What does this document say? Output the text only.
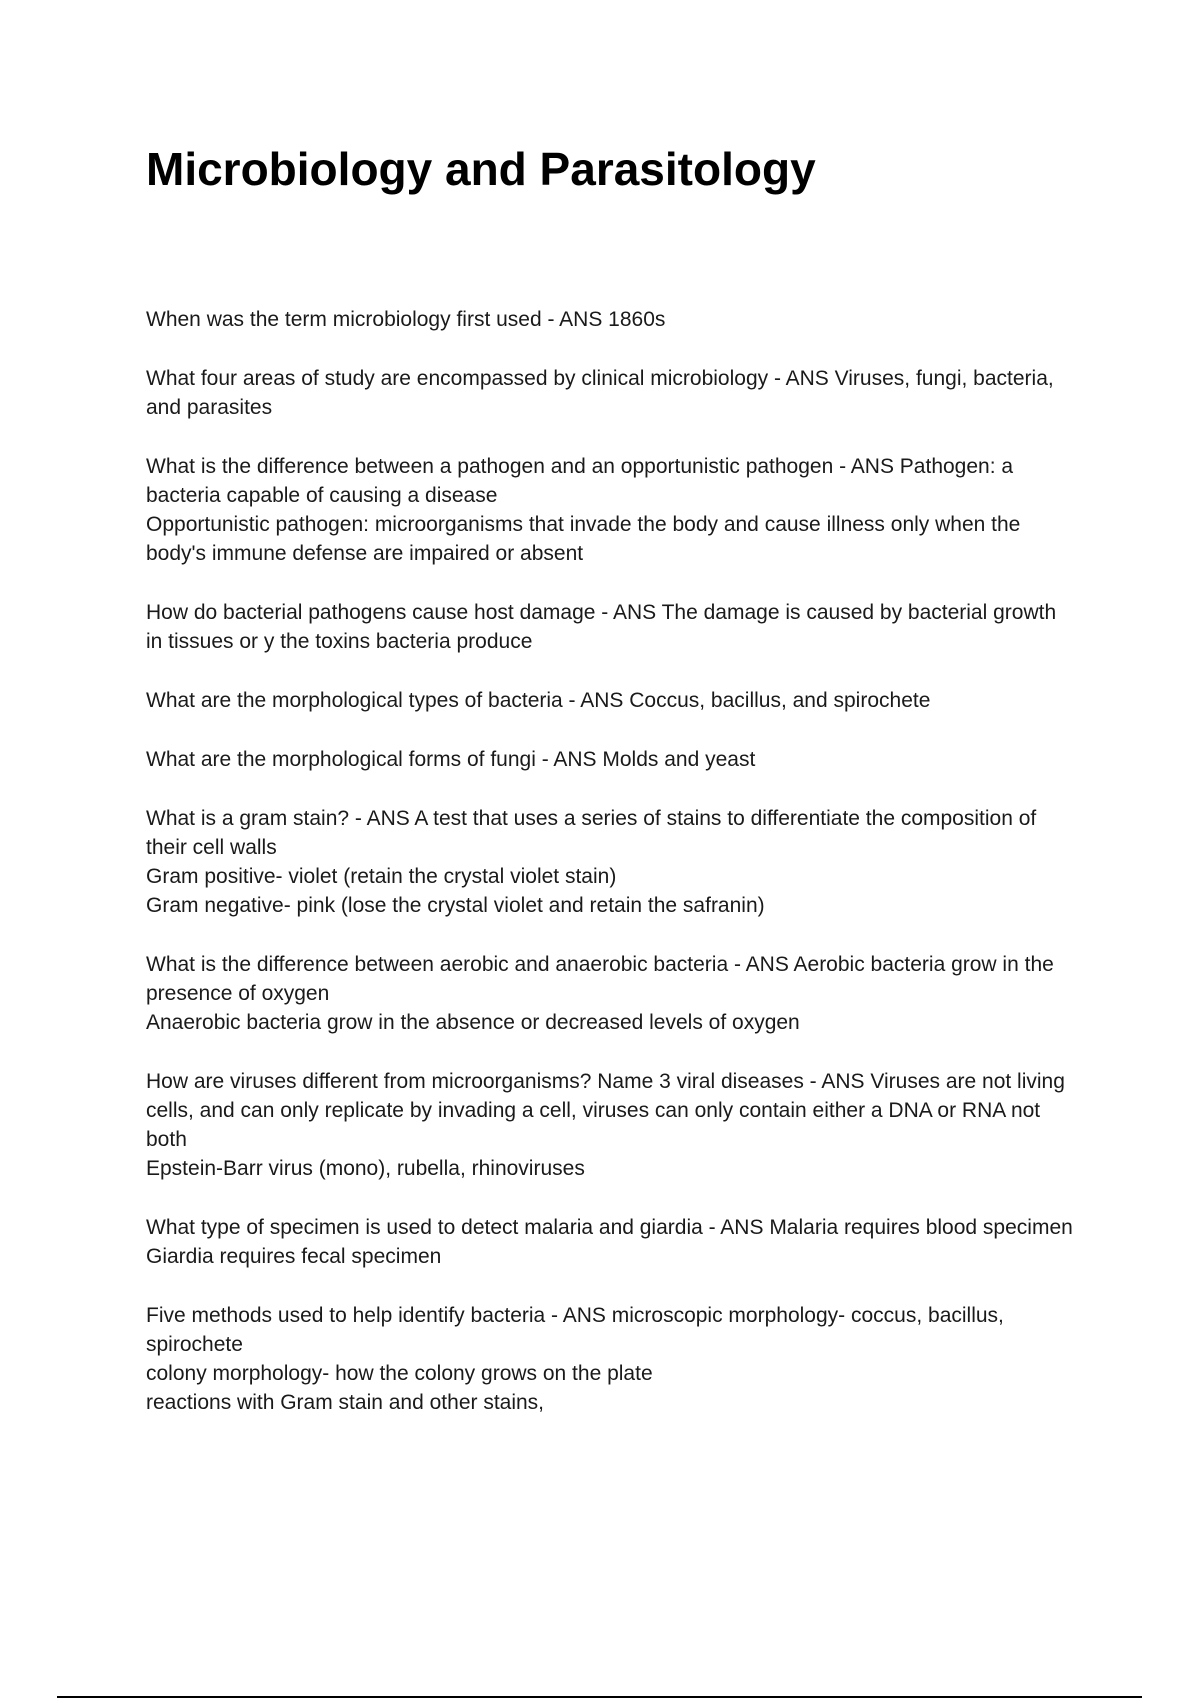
Microbiology and Parasitology
When was the term microbiology first used - ANS 1860s
What four areas of study are encompassed by clinical microbiology - ANS Viruses, fungi, bacteria, and parasites
What is the difference between a pathogen and an opportunistic pathogen - ANS Pathogen: a bacteria capable of causing a disease
Opportunistic pathogen: microorganisms that invade the body and cause illness only when the body's immune defense are impaired or absent
How do bacterial pathogens cause host damage - ANS The damage is caused by bacterial growth in tissues or y the toxins bacteria produce
What are the morphological types of bacteria - ANS Coccus, bacillus, and spirochete
What are the morphological forms of fungi - ANS Molds and yeast
What is a gram stain? - ANS A test that uses a series of stains to differentiate the composition of their cell walls
Gram positive- violet (retain the crystal violet stain)
Gram negative- pink (lose the crystal violet and retain the safranin)
What is the difference between aerobic and anaerobic bacteria - ANS Aerobic bacteria grow in the presence of oxygen
Anaerobic bacteria grow in the absence or decreased levels of oxygen
How are viruses different from microorganisms? Name 3 viral diseases - ANS Viruses are not living cells, and can only replicate by invading a cell, viruses can only contain either a DNA or RNA not both
Epstein-Barr virus (mono), rubella, rhinoviruses
What type of specimen is used to detect malaria and giardia - ANS Malaria requires blood specimen
Giardia requires fecal specimen
Five methods used to help identify bacteria - ANS microscopic morphology- coccus, bacillus, spirochete
colony morphology- how the colony grows on the plate
reactions with Gram stain and other stains,
